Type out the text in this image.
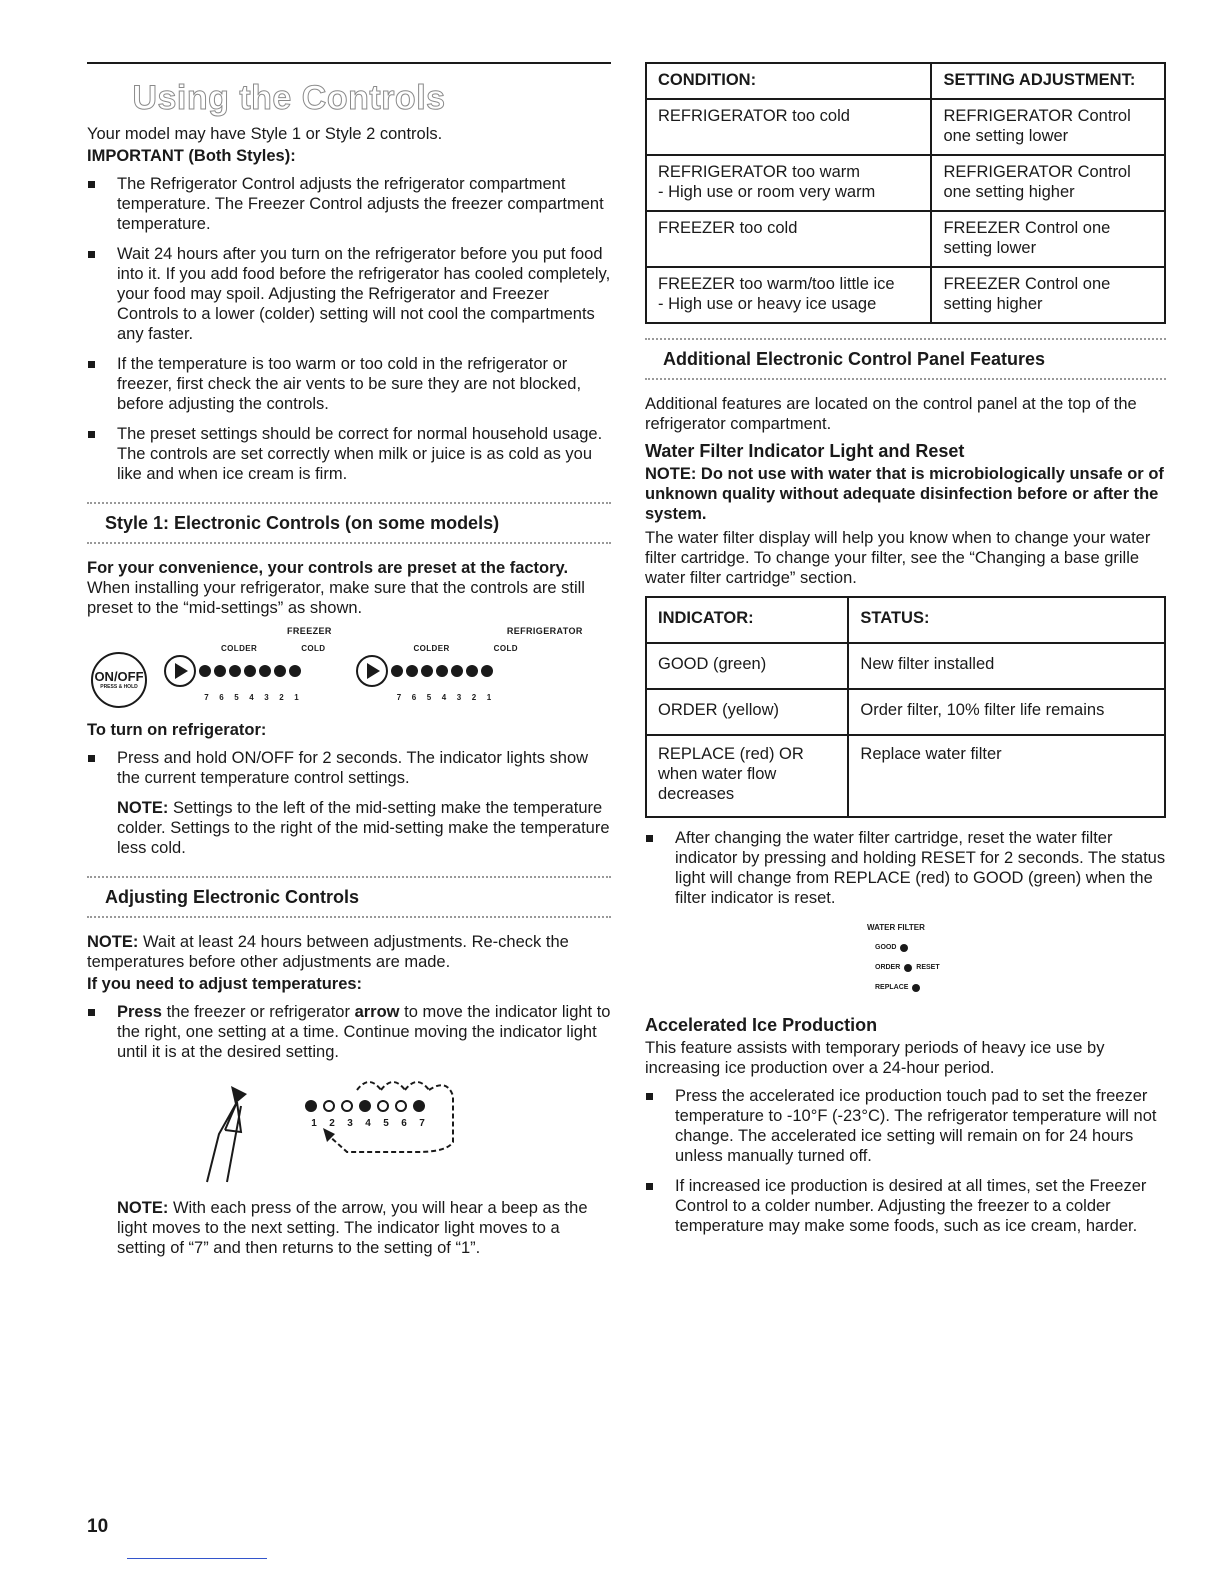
Using the Controls

Your model may have Style 1 or Style 2 controls.

IMPORTANT (Both Styles):

The Refrigerator Control adjusts the refrigerator compartment temperature. The Freezer Control adjusts the freezer compartment temperature.
Wait 24 hours after you turn on the refrigerator before you put food into it. If you add food before the refrigerator has cooled completely, your food may spoil. Adjusting the Refrigerator and Freezer Controls to a lower (colder) setting will not cool the compartments any faster.
If the temperature is too warm or too cold in the refrigerator or freezer, first check the air vents to be sure they are not blocked, before adjusting the controls.
The preset settings should be correct for normal household usage. The controls are set correctly when milk or juice is as cold as you like and when ice cream is firm.
Style 1: Electronic Controls (on some models)

For your convenience, your controls are preset at the factory. When installing your refrigerator, make sure that the controls are still preset to the “mid-settings” as shown.

FREEZER	REFRIGERATOR
ON/OFF
PRESS & HOLD
COLDER	COLD
7	6	5	4	3	2	1
COLDER	COLD
7	6	5	4	3	2	1

To turn on refrigerator:

Press and hold ON/OFF for 2 seconds. The indicator lights show the current temperature control settings.

NOTE: Settings to the left of the mid-setting make the temperature colder. Settings to the right of the mid-setting make the temperature less cold.

Adjusting Electronic Controls

NOTE: Wait at least 24 hours between adjustments. Re-check the temperatures before other adjustments are made.

If you need to adjust temperatures:

Press the freezer or refrigerator arrow to move the indicator light to the right, one setting at a time. Continue moving the indicator light until it is at the desired setting.
1	2	3	4	5	6	7

NOTE: With each press of the arrow, you will hear a beep as the light moves to the next setting. The indicator light moves to a setting of “7” and then returns to the setting of “1”.

CONDITION:	SETTING ADJUSTMENT:
REFRIGERATOR too cold	REFRIGERATOR Control one setting lower
REFRIGERATOR too warm
- High use or room very warm	REFRIGERATOR Control one setting higher
FREEZER too cold	FREEZER Control one setting lower
FREEZER too warm/too little ice
- High use or heavy ice usage	FREEZER Control one setting higher
Additional Electronic Control Panel Features

Additional features are located on the control panel at the top of the refrigerator compartment.

Water Filter Indicator Light and Reset

NOTE: Do not use with water that is microbiologically unsafe or of unknown quality without adequate disinfection before or after the system.

The water filter display will help you know when to change your water filter cartridge. To change your filter, see the “Changing a base grille water filter cartridge” section.

INDICATOR:	STATUS:
GOOD (green)	New filter installed
ORDER (yellow)	Order filter, 10% filter life remains
REPLACE (red) OR
when water flow
decreases	Replace water filter
After changing the water filter cartridge, reset the water filter indicator by pressing and holding RESET for 2 seconds. The status light will change from REPLACE (red) to GOOD (green) when the filter indicator is reset.
WATER FILTER
GOOD
ORDER RESET
REPLACE

Accelerated Ice Production

This feature assists with temporary periods of heavy ice use by increasing ice production over a 24-hour period.

Press the accelerated ice production touch pad to set the freezer temperature to -10°F (-23°C). The refrigerator temperature will not change. The accelerated ice setting will remain on for 24 hours unless manually turned off.
If increased ice production is desired at all times, set the Freezer Control to a colder number. Adjusting the freezer to a colder temperature may make some foods, such as ice cream, harder.
10
